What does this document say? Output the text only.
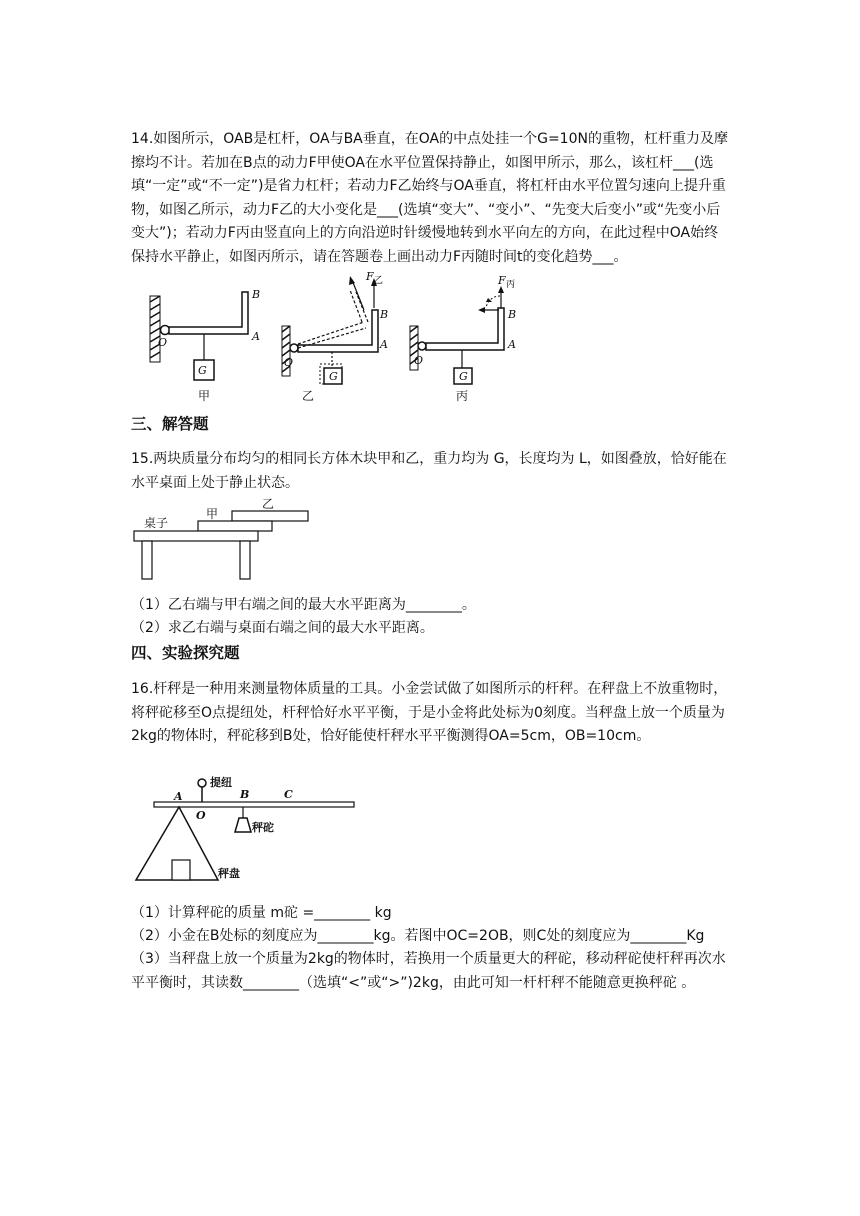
14.如图所示，OAB是杠杆，OA与BA垂直，在OA的中点处挂一个G=10N的重物，杠杆重力及摩擦均不计。若加在B点的动力F甲使OA在水平位置保持静止，如图甲所示，那么，该杠杆___(选填“一定”或“不一定”)是省力杠杆；若动力F乙始终与OA垂直，将杠杆由水平位置匀速向上提升重物，如图乙所示，动力F乙的大小变化是___(选填“变大”、“变小”、“先变大后变小”或“先变小后变大”)；若动力F丙由竖直向上的方向沿逆时针缓慢地转到水平向左的方向，在此过程中OA始终保持水平静止，如图丙所示，请在答题卷上画出动力F丙随时间t的变化趋势___。

G
B
A
O
甲
F 乙
G
B
A
O
乙
F 丙
G
B
A
O
丙

三、解答题

15.两块质量分布均匀的相同长方体木块甲和乙，重力均为 G，长度均为 L，如图叠放，恰好能在水平桌面上处于静止状态。

桌子
甲
乙

（1）乙右端与甲右端之间的最大水平距离为________。

（2）求乙右端与桌面右端之间的最大水平距离。

四、实验探究题

16.杆秤是一种用来测量物体质量的工具。小金尝试做了如图所示的杆秤。在秤盘上不放重物时，将秤砣移至O点提纽处，杆秤恰好水平平衡，于是小金将此处标为0刻度。当秤盘上放一个质量为2kg的物体时，秤砣移到B处，恰好能使杆秤水平平衡测得OA=5cm，OB=10cm。

A
O
B	C
提纽
秤砣
秤盘

（1）计算秤砣的质量 m砣 =________ kg

（2）小金在B处标的刻度应为________kg。若图中OC=2OB，则C处的刻度应为________Kg

（3）当秤盘上放一个质量为2kg的物体时，若换用一个质量更大的秤砣，移动秤砣使杆秤再次水平平衡时，其读数________（选填“<”或“>”)2kg，由此可知一杆杆秤不能随意更换秤砣 。
